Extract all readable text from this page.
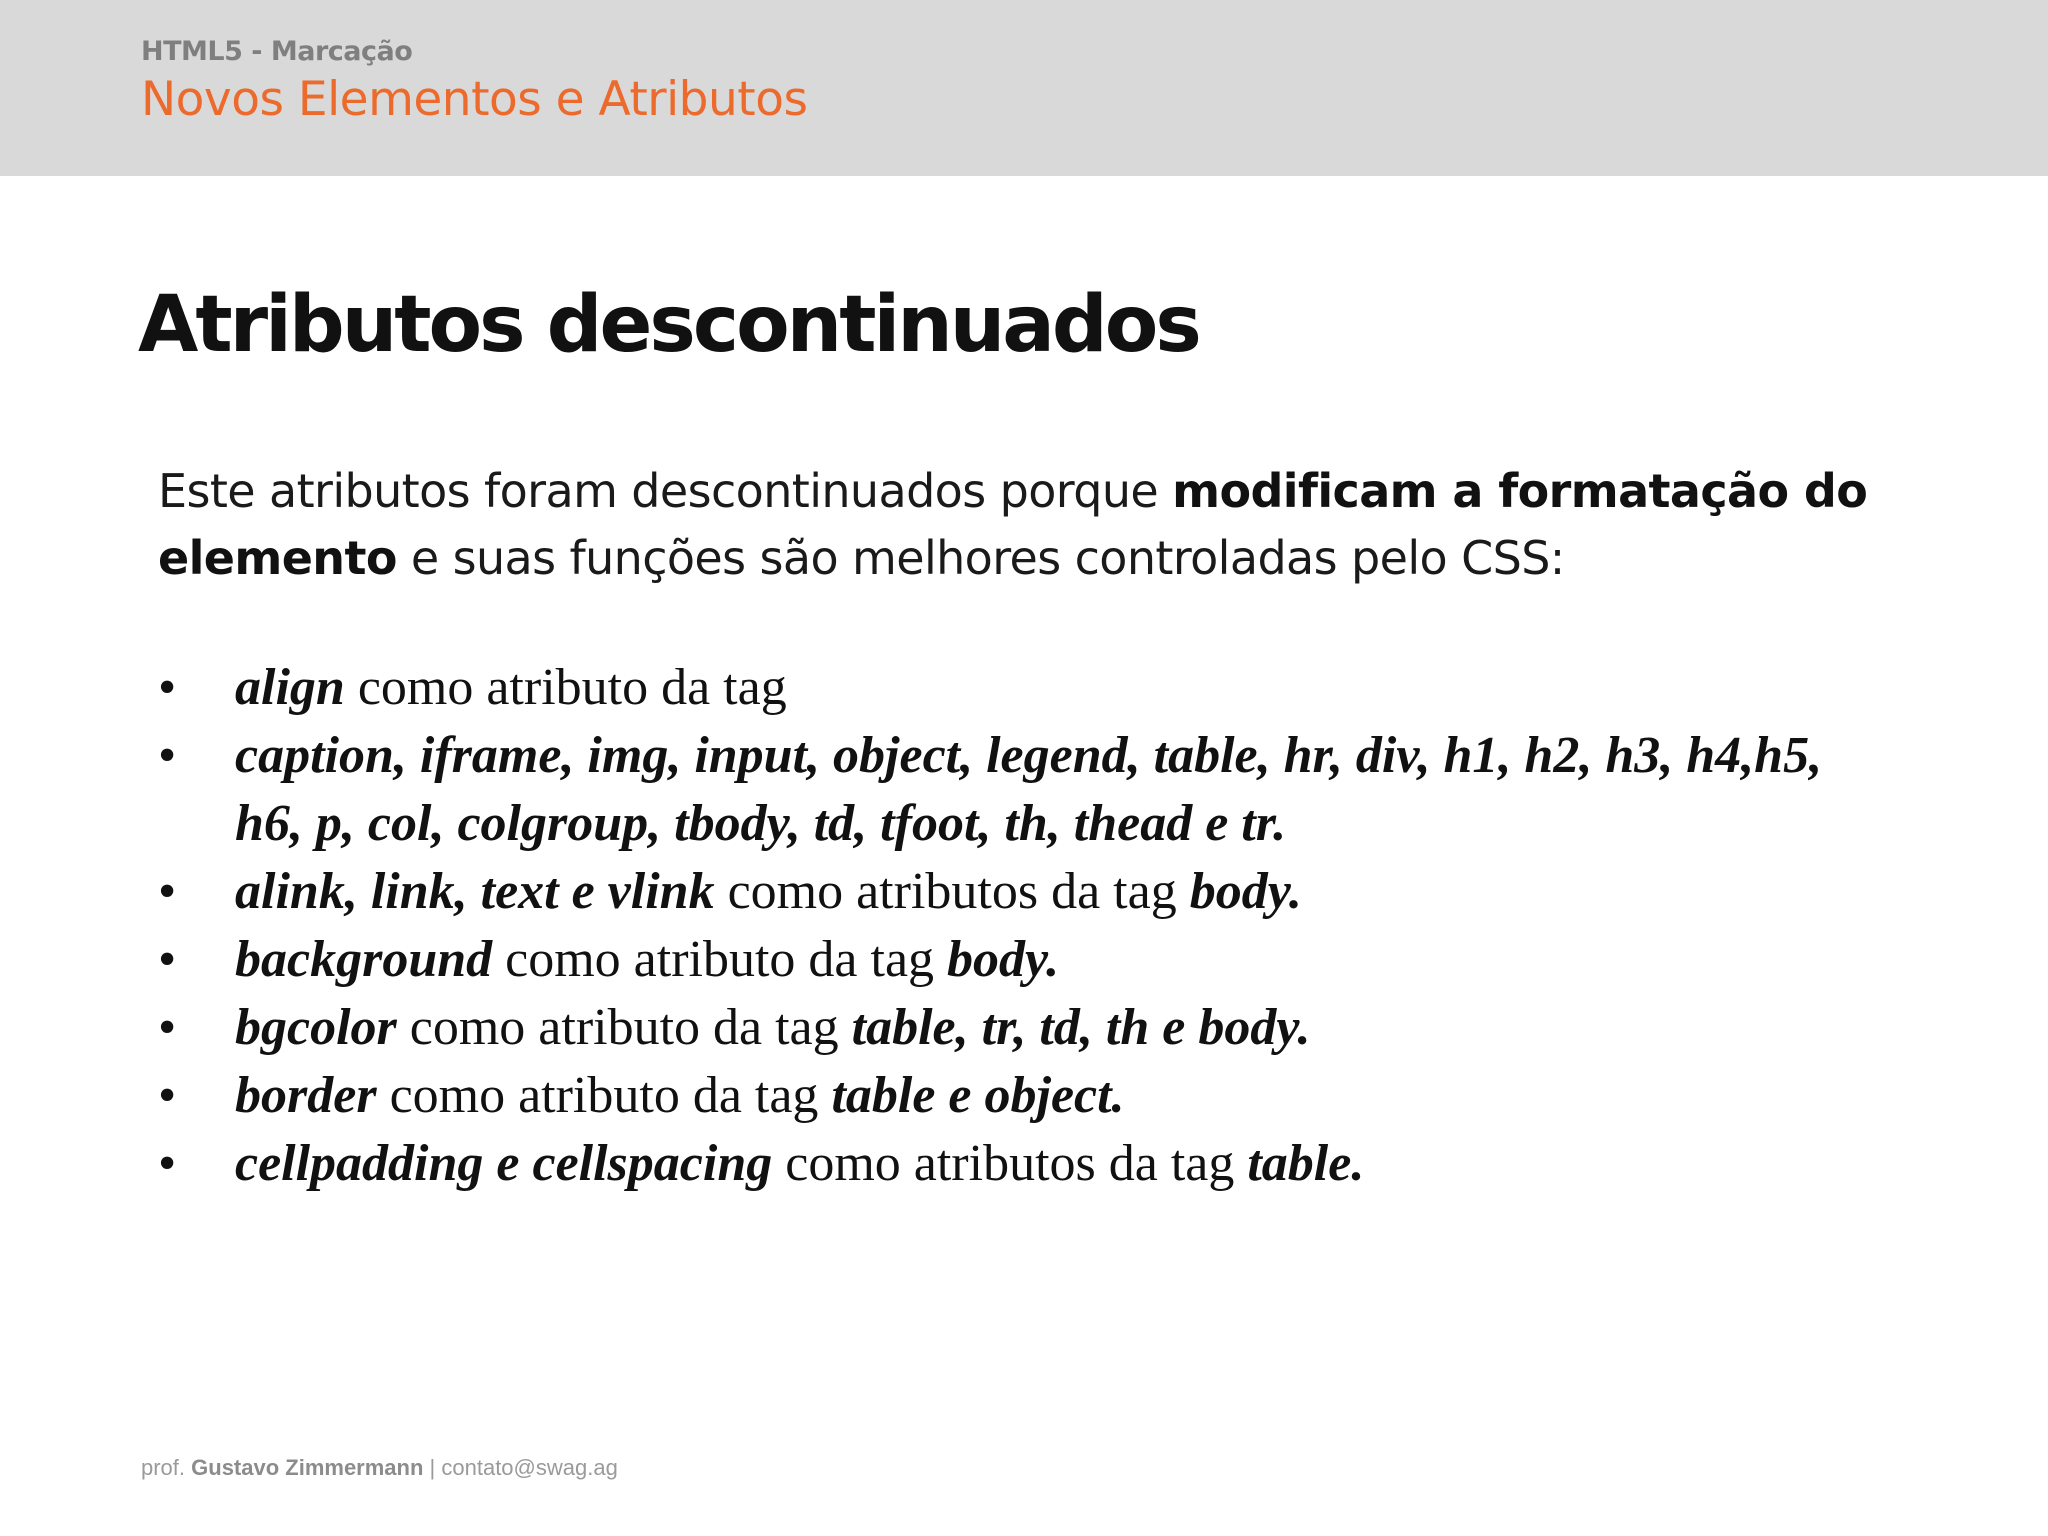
HTML5 - Marcação
Novos Elementos e Atributos
Atributos descontinuados
Este atributos foram descontinuados porque modificam a formatação do
elemento e suas funções são melhores controladas pelo CSS:
• align como atributo da tag
• caption, iframe, img, input, object, legend, table, hr, div, h1, h2, h3, h4,h5, h6, p, col, colgroup, tbody, td, tfoot, th, thead e tr.
• alink, link, text e vlink como atributos da tag body.
• background como atributo da tag body.
• bgcolor como atributo da tag table, tr, td, th e body.
• border como atributo da tag table e object.
• cellpadding e cellspacing como atributos da tag table.
prof. Gustavo Zimmermann | contato@swag.ag
